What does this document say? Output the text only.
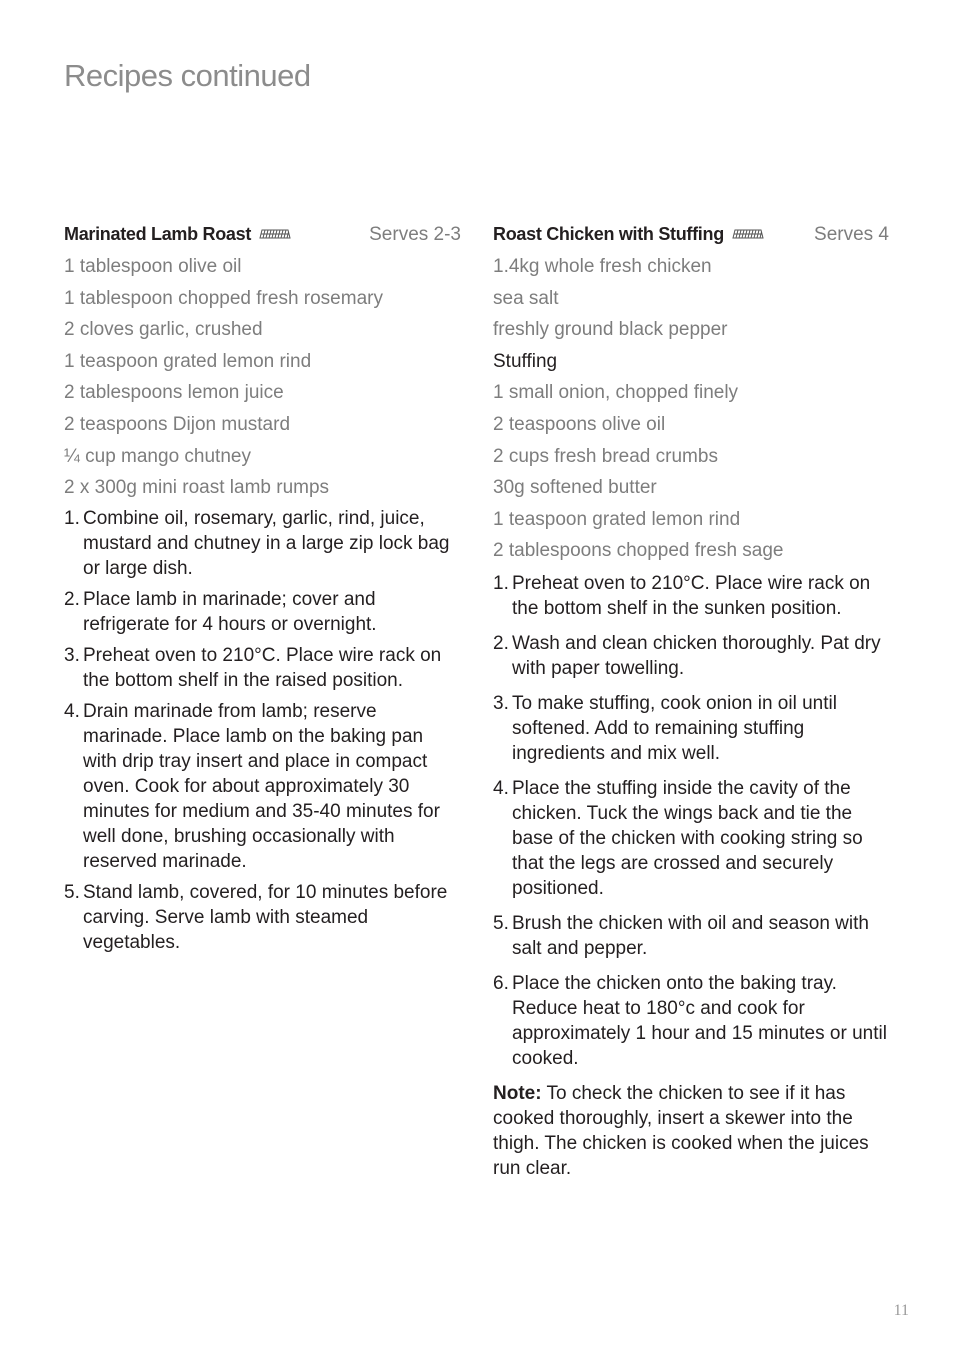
Recipes continued
Marinated Lamb Roast	Serves 2-3
1 tablespoon olive oil
1 tablespoon chopped fresh rosemary
2 cloves garlic, crushed
1 teaspoon grated lemon rind
2 tablespoons lemon juice
2 teaspoons Dijon mustard
¼ cup mango chutney
2 x 300g mini roast lamb rumps
1. Combine oil, rosemary, garlic, rind, juice, mustard and chutney in a large zip lock bag or large dish.
2. Place lamb in marinade; cover and refrigerate for 4 hours or overnight.
3. Preheat oven to 210°C. Place wire rack on the bottom shelf in the raised position.
4. Drain marinade from lamb; reserve marinade. Place lamb on the baking pan with drip tray insert and place in compact oven. Cook for about approximately 30 minutes for medium and 35-40 minutes for well done, brushing occasionally with reserved marinade.
5. Stand lamb, covered, for 10 minutes before carving. Serve lamb with steamed vegetables.
Roast Chicken with Stuffing	Serves 4
1.4kg whole fresh chicken
sea salt
freshly ground black pepper
Stuffing
1 small onion, chopped finely
2 teaspoons olive oil
2 cups fresh bread crumbs
30g softened butter
1 teaspoon grated lemon rind
2 tablespoons chopped fresh sage
1. Preheat oven to 210°C. Place wire rack on the bottom shelf in the sunken position.
2. Wash and clean chicken thoroughly. Pat dry with paper towelling.
3. To make stuffing, cook onion in oil until softened. Add to remaining stuffing ingredients and mix well.
4. Place the stuffing inside the cavity of the chicken. Tuck the wings back and tie the base of the chicken with cooking string so that the legs are crossed and securely positioned.
5. Brush the chicken with oil and season with salt and pepper.
6. Place the chicken onto the baking tray. Reduce heat to 180°c and cook for approximately 1 hour and 15 minutes or until cooked.

Note: To check the chicken to see if it has cooked thoroughly, insert a skewer into the thigh. The chicken is cooked when the juices run clear.

11
